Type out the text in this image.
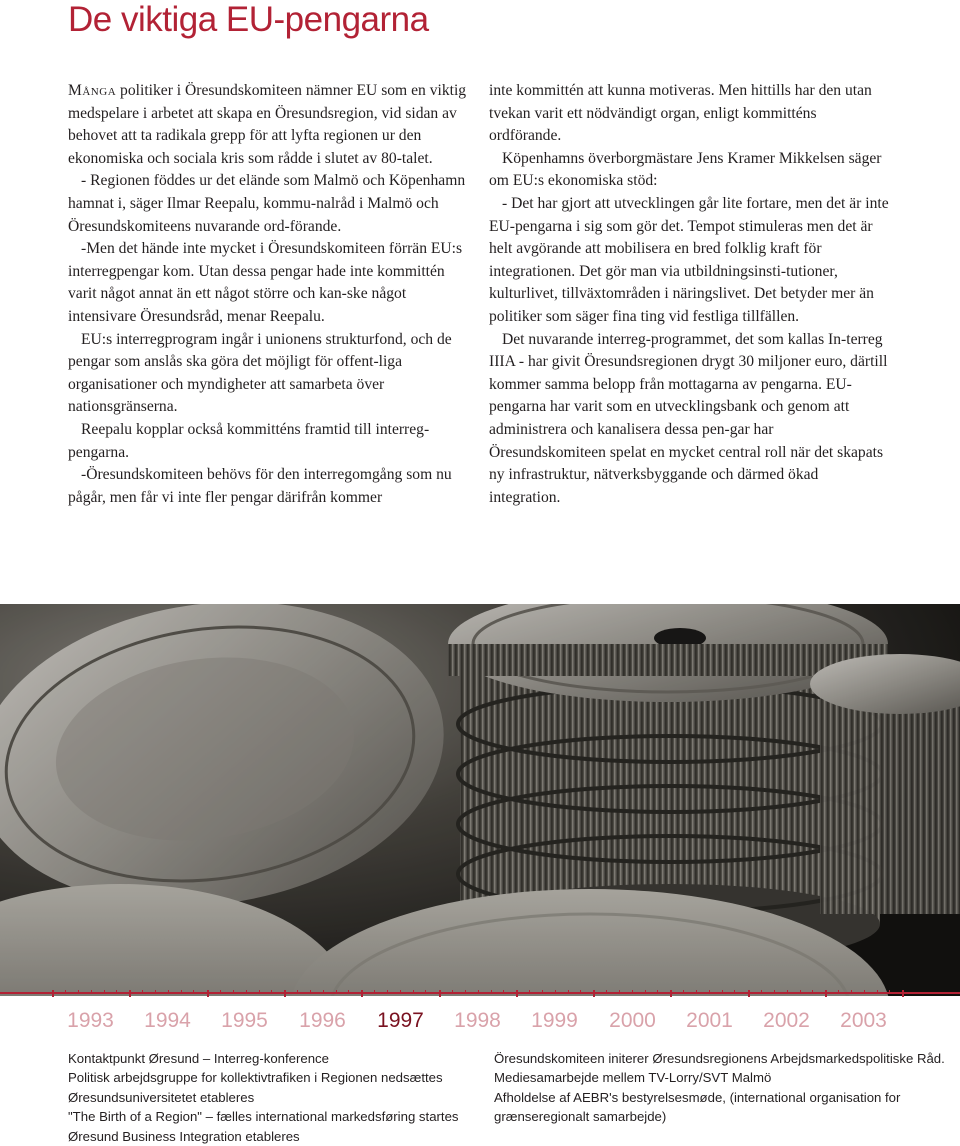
De viktiga EU-pengarna

Många politiker i Öresundskomiteen nämner EU som en viktig medspelare i arbetet att skapa en Öresundsregion, vid sidan av behovet att ta radikala grepp för att lyfta regionen ur den ekonomiska och sociala kris som rådde i slutet av 80-talet.

- Regionen föddes ur det elände som Malmö och Köpenhamn hamnat i, säger Ilmar Reepalu, kommu-nalråd i Malmö och Öresundskomiteens nuvarande ord-förande.

-Men det hände inte mycket i Öresundskomiteen förrän EU:s interregpengar kom. Utan dessa pengar hade inte kommittén varit något annat än ett något större och kan-ske något intensivare Öresundsråd, menar Reepalu.

EU:s interregprogram ingår i unionens strukturfond, och de pengar som anslås ska göra det möjligt för offent-liga organisationer och myndigheter att samarbeta över nationsgränserna.

Reepalu kopplar också kommitténs framtid till interreg-pengarna.

-Öresundskomiteen behövs för den interregomgång som nu pågår, men får vi inte fler pengar därifrån kommer

inte kommittén att kunna motiveras. Men hittills har den utan tvekan varit ett nödvändigt organ, enligt kommitténs ordförande.

Köpenhamns överborgmästare Jens Kramer Mikkelsen säger om EU:s ekonomiska stöd:

- Det har gjort att utvecklingen går lite fortare, men det är inte EU-pengarna i sig som gör det. Tempot stimuleras men det är helt avgörande att mobilisera en bred folklig kraft för integrationen. Det gör man via utbildningsinsti-tutioner, kulturlivet, tillväxtområden i näringslivet. Det betyder mer än politiker som säger fina ting vid festliga tillfällen.

Det nuvarande interreg-programmet, det som kallas In-terreg IIIA - har givit Öresundsregionen drygt 30 miljoner euro, därtill kommer samma belopp från mottagarna av pengarna. EU-pengarna har varit som en utvecklingsbank och genom att administrera och kanalisera dessa pen-gar har Öresundskomiteen spelat en mycket central roll när det skapats ny infrastruktur, nätverksbyggande och därmed ökad integration.

1993	1994	1995	1996	1997	1998	1999	2000	2001	2002	2003
Kontaktpunkt Øresund – Interreg-konference
Politisk arbejdsgruppe for kollektivtrafiken i Regionen nedsættes
Øresundsuniversitetet etableres
"The Birth of a Region" – fælles international markedsføring startes
Øresund Business Integration etableres
Öresundskomiteen initerer Øresundsregionens Arbejdsmarkedspolitiske Råd.
Mediesamarbejde mellem TV-Lorry/SVT Malmö
Afholdelse af AEBR's bestyrelsesmøde, (international organisation for
grænseregionalt samarbejde)
